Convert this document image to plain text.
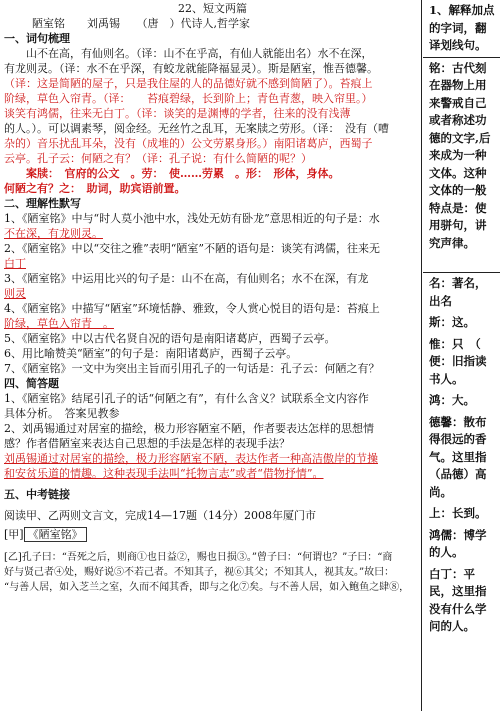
22、短文两篇
陋室铭　　刘禹锡　　（唐　）代诗人,哲学家
一、词句梳理
　　山不在高，有仙则名。（译：山不在乎高，有仙人就能出名）水不在深，
有龙则灵。（译：水不在乎深，有蛟龙就能降福显灵）。斯是陋室，惟吾德馨。
（译：这是简陋的屋子，只是我住屋的人的品德好就不感到简陋了）。苔痕上
阶绿，草色入帘青。（译：　　苔痕碧绿，长到阶上；青色青葱，映入帘里。）
谈笑有鸿儒，往来无白丁。（译：谈笑的是渊博的学者，往来的没有浅薄
的人。）。可以调素琴，阅金经。无丝竹之乱耳，无案牍之劳形。（译：　没有（嘈
杂的）音乐扰乱耳朵，没有（成堆的）公文劳累身形。）南阳诸葛庐，西蜀子
云亭。孔子云：何陋之有？（译：孔子说：有什么简陋的呢？）
　　案牍：　官府的公文　。劳：　使……劳累　。形：　形体，身体。
何陋之有？之：　助词，助宾语前置。
二、理解性默写
1、《陋室铭》中与“时人莫小池中水，浅处无妨有卧龙”意思相近的句子是：水
不在深，有龙则灵。
2、《陋室铭》中以“交往之雅”表明“陋室”不陋的语句是：谈笑有鸿儒，往来无
白丁
3、《陋室铭》中运用比兴的句子是：山不在高，有仙则名；水不在深，有龙
则灵
4、《陋室铭》中描写“陋室”环境恬静、雅致，令人赏心悦目的语句是：苔痕上
阶绿，草色入帘青　。
5、《陋室铭》中以古代名贤自况的语句是南阳诸葛庐，西蜀子云亭。
6、用比喻赞美“陋室”的句子是：南阳诸葛庐，西蜀子云亭。
7、《陋室铭》一文中为突出主旨而引用孔子的一句话是：孔子云：何陋之有？
四、简答题
1、《陋室铭》结尾引孔子的话“何陋之有”，有什么含义？试联系全文内容作
具体分析。　答案见教参
2、刘禹锡通过对居室的描绘，极力形容陋室不陋，作者要表达怎样的思想情
感？作者借陋室来表达自己思想的手法是怎样的表现手法？
刘禹锡通过对居室的描绘，极力形容陋室不陋，表达作者一种高洁傲岸的节操
和安贫乐道的情趣。这种表现手法叫“托物言志”或者“借物抒情”。
五、中考链接
阅读甲、乙两则文言文，完成14—17题（14分）2008年厦门市
[甲] 《陋室铭》
[乙]孔子曰：“吾死之后，则商①也日益②，赐也日损③。”曾子曰：“何谓也？”子曰：“商
好与贤己者④处，赐好说⑤不若己者。不知其子，视⑥其父；不知其人，视其友。”故曰：
“与善人居，如入芝兰之室，久而不闻其香，即与之化⑦矣。与不善人居，如入鲍鱼之肆⑧，
1、解释加点的字词，翻译划线句。
铭：古代刻在器物上用来警戒自己或者称述功德的文字,后来成为一种文体。这种文体的一般特点是：使用骈句，讲究声律。
名：著名，出名
斯：这。
惟：只　（　便：旧指读书人。
鸿：大。
德馨：散布得很远的香气。这里指（品德）高尚。
上：长到。
鸿儒：博学的人。
白丁：平民，这里指没有什么学问的人。
